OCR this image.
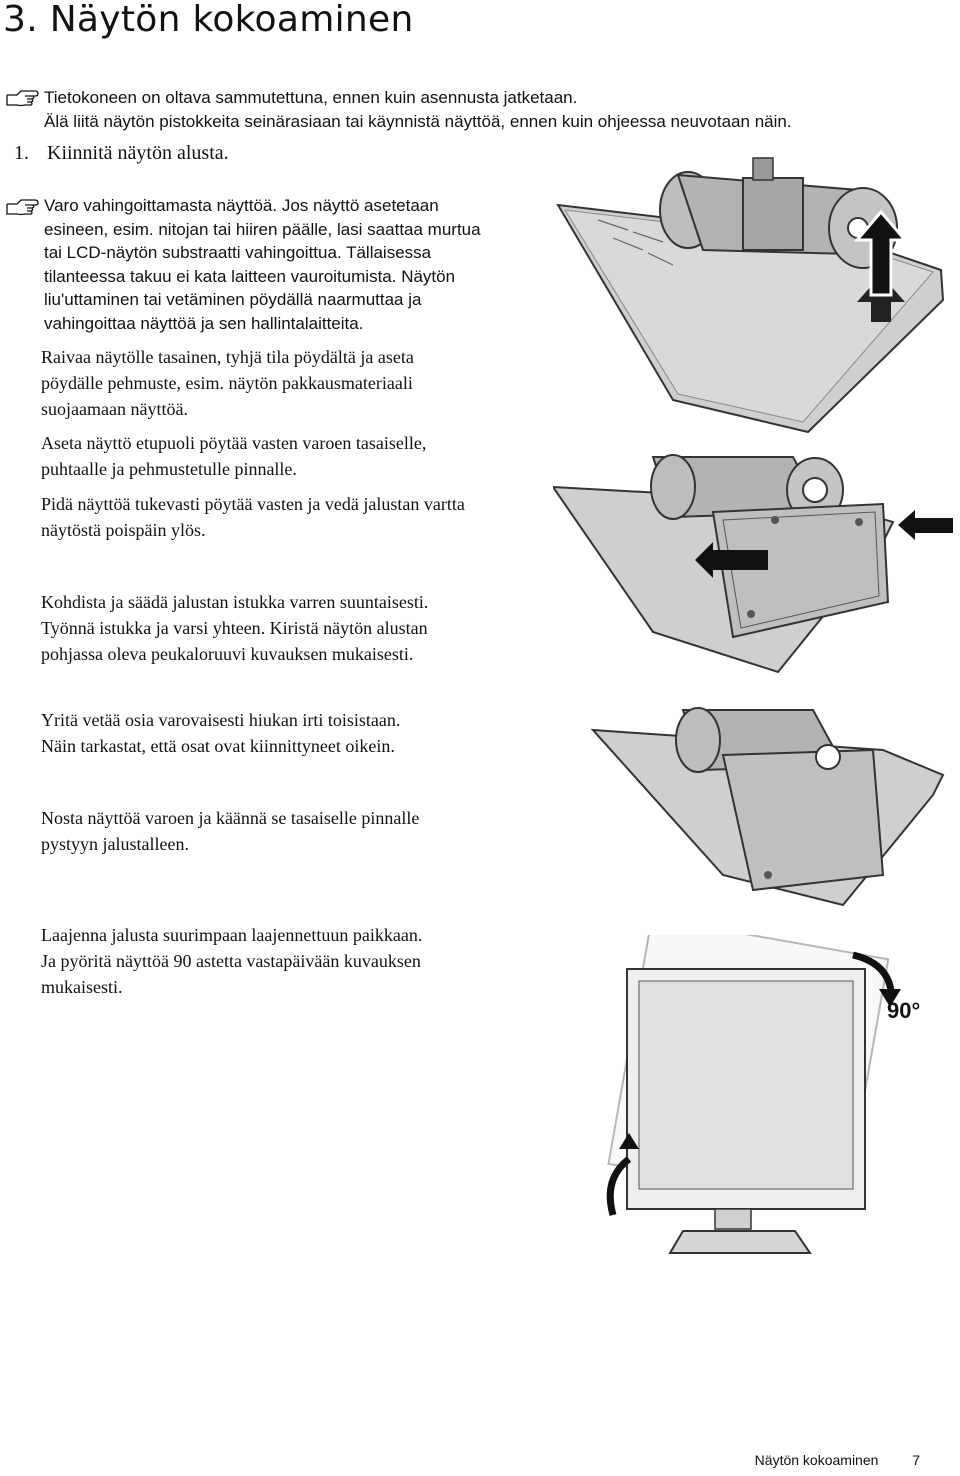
3. Näytön kokoaminen
Tietokoneen on oltava sammutettuna, ennen kuin asennusta jatketaan.
Älä liitä näytön pistokkeita seinärasiaan tai käynnistä näyttöä, ennen kuin ohjeessa neuvotaan näin.
1. Kiinnitä näytön alusta.

Varo vahingoittamasta näyttöä. Jos näyttö asetetaan

esineen, esim. nitojan tai hiiren päälle, lasi saattaa murtua

tai LCD-näytön substraatti vahingoittua. Tällaisessa

tilanteessa takuu ei kata laitteen vauroitumista. Näytön

liu'uttaminen tai vetäminen pöydällä naarmuttaa ja

vahingoittaa näyttöä ja sen hallintalaitteita.

Raivaa näytölle tasainen, tyhjä tila pöydältä ja aseta

pöydälle pehmuste, esim. näytön pakkausmateriaali

suojaamaan näyttöä.

Aseta näyttö etupuoli pöytää vasten varoen tasaiselle,

puhtaalle ja pehmustetulle pinnalle.

Pidä näyttöä tukevasti pöytää vasten ja vedä jalustan vartta

näytöstä poispäin ylös.

Kohdista ja säädä jalustan istukka varren suuntaisesti.

Työnnä istukka ja varsi yhteen. Kiristä näytön alustan

pohjassa oleva peukaloruuvi kuvauksen mukaisesti.

Yritä vetää osia varovaisesti hiukan irti toisistaan.

Näin tarkastat, että osat ovat kiinnittyneet oikein.

Nosta näyttöä varoen ja käännä se tasaiselle pinnalle

pystyyn jalustalleen.

Laajenna jalusta suurimpaan laajennettuun paikkaan.

Ja pyöritä näyttöä 90 astetta vastapäivään kuvauksen

mukaisesti.

90°
Näytön kokoaminen 7
